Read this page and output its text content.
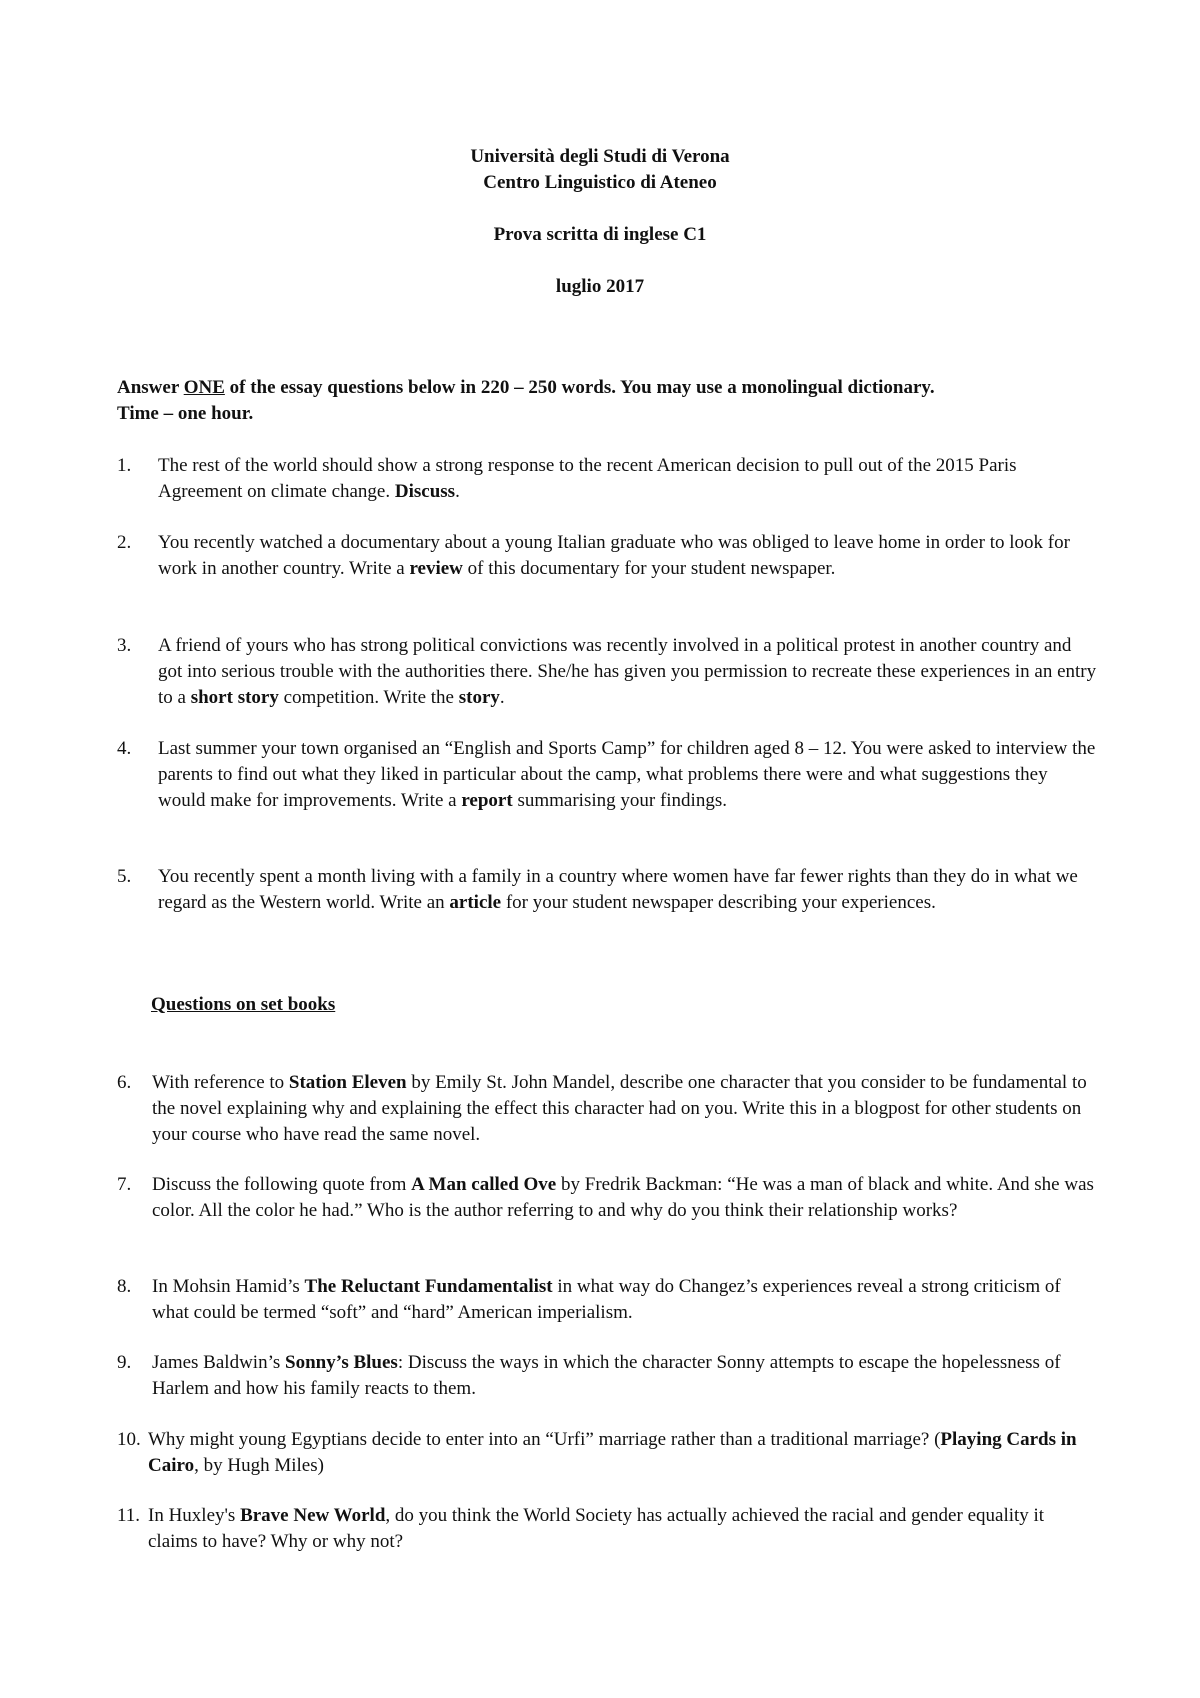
Università degli Studi di Verona
Centro Linguistico di Ateneo
Prova scritta di inglese C1
luglio 2017
Answer ONE of the essay questions below in 220 – 250 words. You may use a monolingual dictionary.
Time – one hour.
1.	The rest of the world should show a strong response to the recent American decision to pull out of the 2015 Paris Agreement on climate change. Discuss.
2.	You recently watched a documentary about a young Italian graduate who was obliged to leave home in order to look for work in another country. Write a review of this documentary for your student newspaper.
3.	A friend of yours who has strong political convictions was recently involved in a political protest in another country and got into serious trouble with the authorities there. She/he has given you permission to recreate these experiences in an entry to a short story competition. Write the story.
4.	Last summer your town organised an “English and Sports Camp” for children aged 8 – 12. You were asked to interview the parents to find out what they liked in particular about the camp, what problems there were and what suggestions they would make for improvements. Write a report summarising your findings.
5.	You recently spent a month living with a family in a country where women have far fewer rights than they do in what we regard as the Western world. Write an article for your student newspaper describing your experiences.
Questions on set books
6.	With reference to Station Eleven by Emily St. John Mandel, describe one character that you consider to be fundamental to the novel explaining why and explaining the effect this character had on you. Write this in a blogpost for other students on your course who have read the same novel.
7.	Discuss the following quote from A Man called Ove by Fredrik Backman: “He was a man of black and white. And she was color. All the color he had.” Who is the author referring to and why do you think their relationship works?
8.	In Mohsin Hamid’s The Reluctant Fundamentalist in what way do Changez’s experiences reveal a strong criticism of what could be termed “soft” and “hard” American imperialism.
9.	James Baldwin’s Sonny’s Blues: Discuss the ways in which the character Sonny attempts to escape the hopelessness of Harlem and how his family reacts to them.
10. Why might young Egyptians decide to enter into an “Urfi” marriage rather than a traditional marriage? (Playing Cards in Cairo, by Hugh Miles)
11. In Huxley's Brave New World, do you think the World Society has actually achieved the racial and gender equality it claims to have? Why or why not?
